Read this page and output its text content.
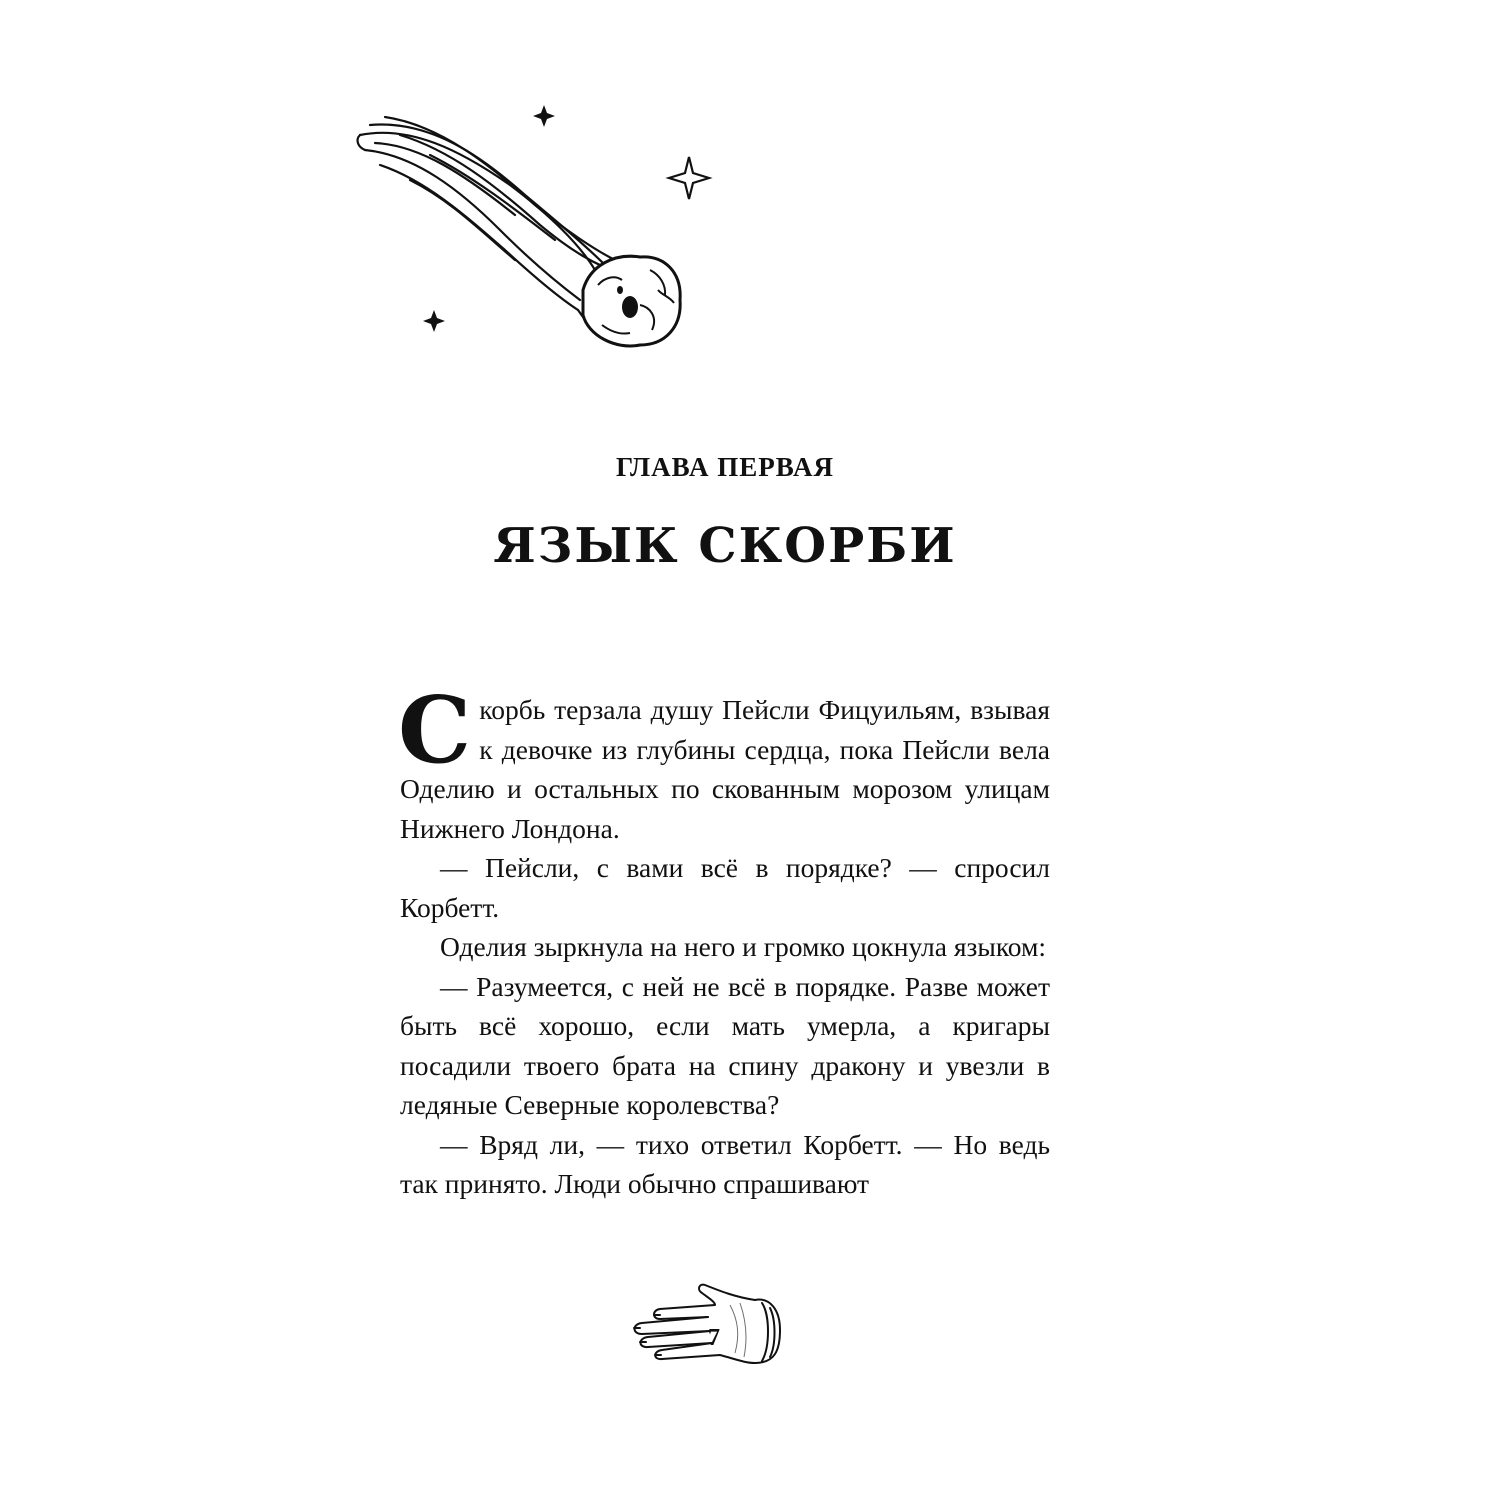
ГЛАВА ПЕРВАЯ
ЯЗЫК СКОРБИ

Скорбь терзала душу Пейсли Фицуильям, взывая к девочке из глубины сердца, пока Пейсли вела Оделию и остальных по скованным морозом улицам Нижнего Лондона.

— Пейсли, с вами всё в порядке? — спросил Корбетт.

Оделия зыркнула на него и громко цокнула языком:

— Разумеется, с ней не всё в порядке. Разве может быть всё хорошо, если мать умерла, а кригары посадили твоего брата на спину дракону и увезли в ледяные Северные королевства?

— Вряд ли, — тихо ответил Корбетт. — Но ведь так принято. Люди обычно спрашивают

7
